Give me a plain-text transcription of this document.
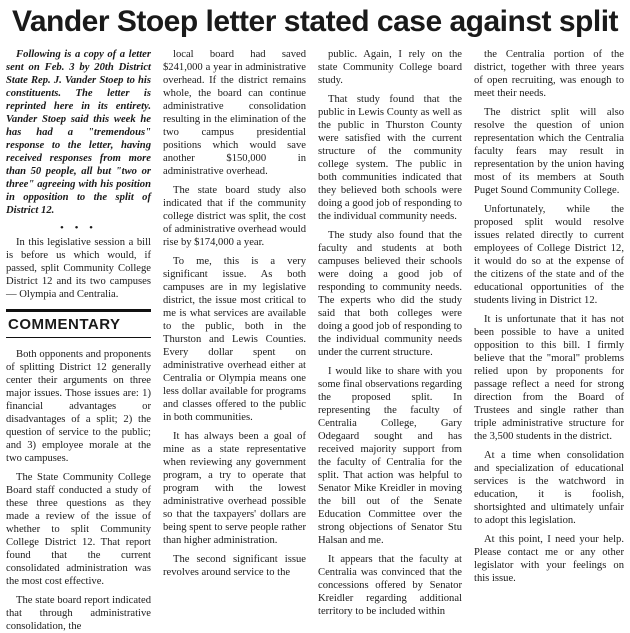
Vander Stoep letter stated case against split

Following is a copy of a letter sent on Feb. 3 by 20th District State Rep. J. Vander Stoep to his constituents. The letter is reprinted here in its entirety. Vander Stoep said this week he has had a "tremendous" response to the letter, having received responses from more than 50 people, all but "two or three" agreeing with his position in opposition to the split of District 12.

• • •

In this legislative session a bill is before us which would, if passed, split Community College District 12 and its two campuses — Olympia and Centralia.

COMMENTARY

Both opponents and proponents of splitting District 12 generally center their arguments on three major issues. Those issues are: 1) financial advantages or disadvantages of a split; 2) the question of service to the public; and 3) employee morale at the two campuses.

The State Community College Board staff conducted a study of these three questions as they made a review of the issue of whether to split Community College District 12. That report found that the current consolidated administration was the most cost effective.

The state board report indicated that through administrative consolidation, the

local board had saved $241,000 a year in administrative overhead. If the district remains whole, the board can continue administrative consolidation resulting in the elimination of the two campus presidential positions which would save another $150,000 in administrative overhead.

The state board study also indicated that if the community college district was split, the cost of administrative overhead would rise by $174,000 a year.

To me, this is a very significant issue. As both campuses are in my legislative district, the issue most critical to me is what services are available to the public, both in the Thurston and Lewis Counties. Every dollar spent on administrative overhead either at Centralia or Olympia means one less dollar available for programs and classes offered to the public in both communities.

It has always been a goal of mine as a state representative when reviewing any government program, a try to operate that program with the lowest administrative overhead possible so that the taxpayers' dollars are being spent to serve people rather than higher administration.

The second significant issue revolves around service to the

public. Again, I rely on the state Community College board study.

That study found that the public in Lewis County as well as the public in Thurston County were satisfied with the current structure of the community college system. The public in both communities indicated that they believed both schools were doing a good job of responding to the individual community needs.

The study also found that the faculty and students at both campuses believed their schools were doing a good job of responding to community needs. The experts who did the study said that both colleges were doing a good job of responding to the individual community needs under the current structure.

I would like to share with you some final observations regarding the proposed split. In representing the faculty of Centralia College, Gary Odegaard sought and has received majority support from the faculty of Centralia for the split. That action was helpful to Senator Mike Kreidler in moving the bill out of the Senate Education Committee over the strong objections of Senator Stu Halsan and me.

It appears that the faculty at Centralia was convinced that the concessions offered by Senator Kreidler regarding additional territory to be included within

the Centralia portion of the district, together with three years of open recruiting, was enough to meet their needs.

The district split will also resolve the question of union representation which the Centralia faculty fears may result in representation by the union having most of its members at South Puget Sound Community College.

Unfortunately, while the proposed split would resolve issues related directly to current employees of College District 12, it would do so at the expense of the citizens of the state and of the educational opportunities of the students living in District 12.

It is unfortunate that it has not been possible to have a united opposition to this bill. I firmly believe that the "moral" problems relied upon by proponents for passage reflect a need for strong direction from the Board of Trustees and single rather than triple administrative structure for the 3,500 students in the district.

At a time when consolidation and specialization of educational services is the watchword in education, it is foolish, shortsighted and ultimately unfair to adopt this legislation.

At this point, I need your help. Please contact me or any other legislator with your feelings on this issue.
